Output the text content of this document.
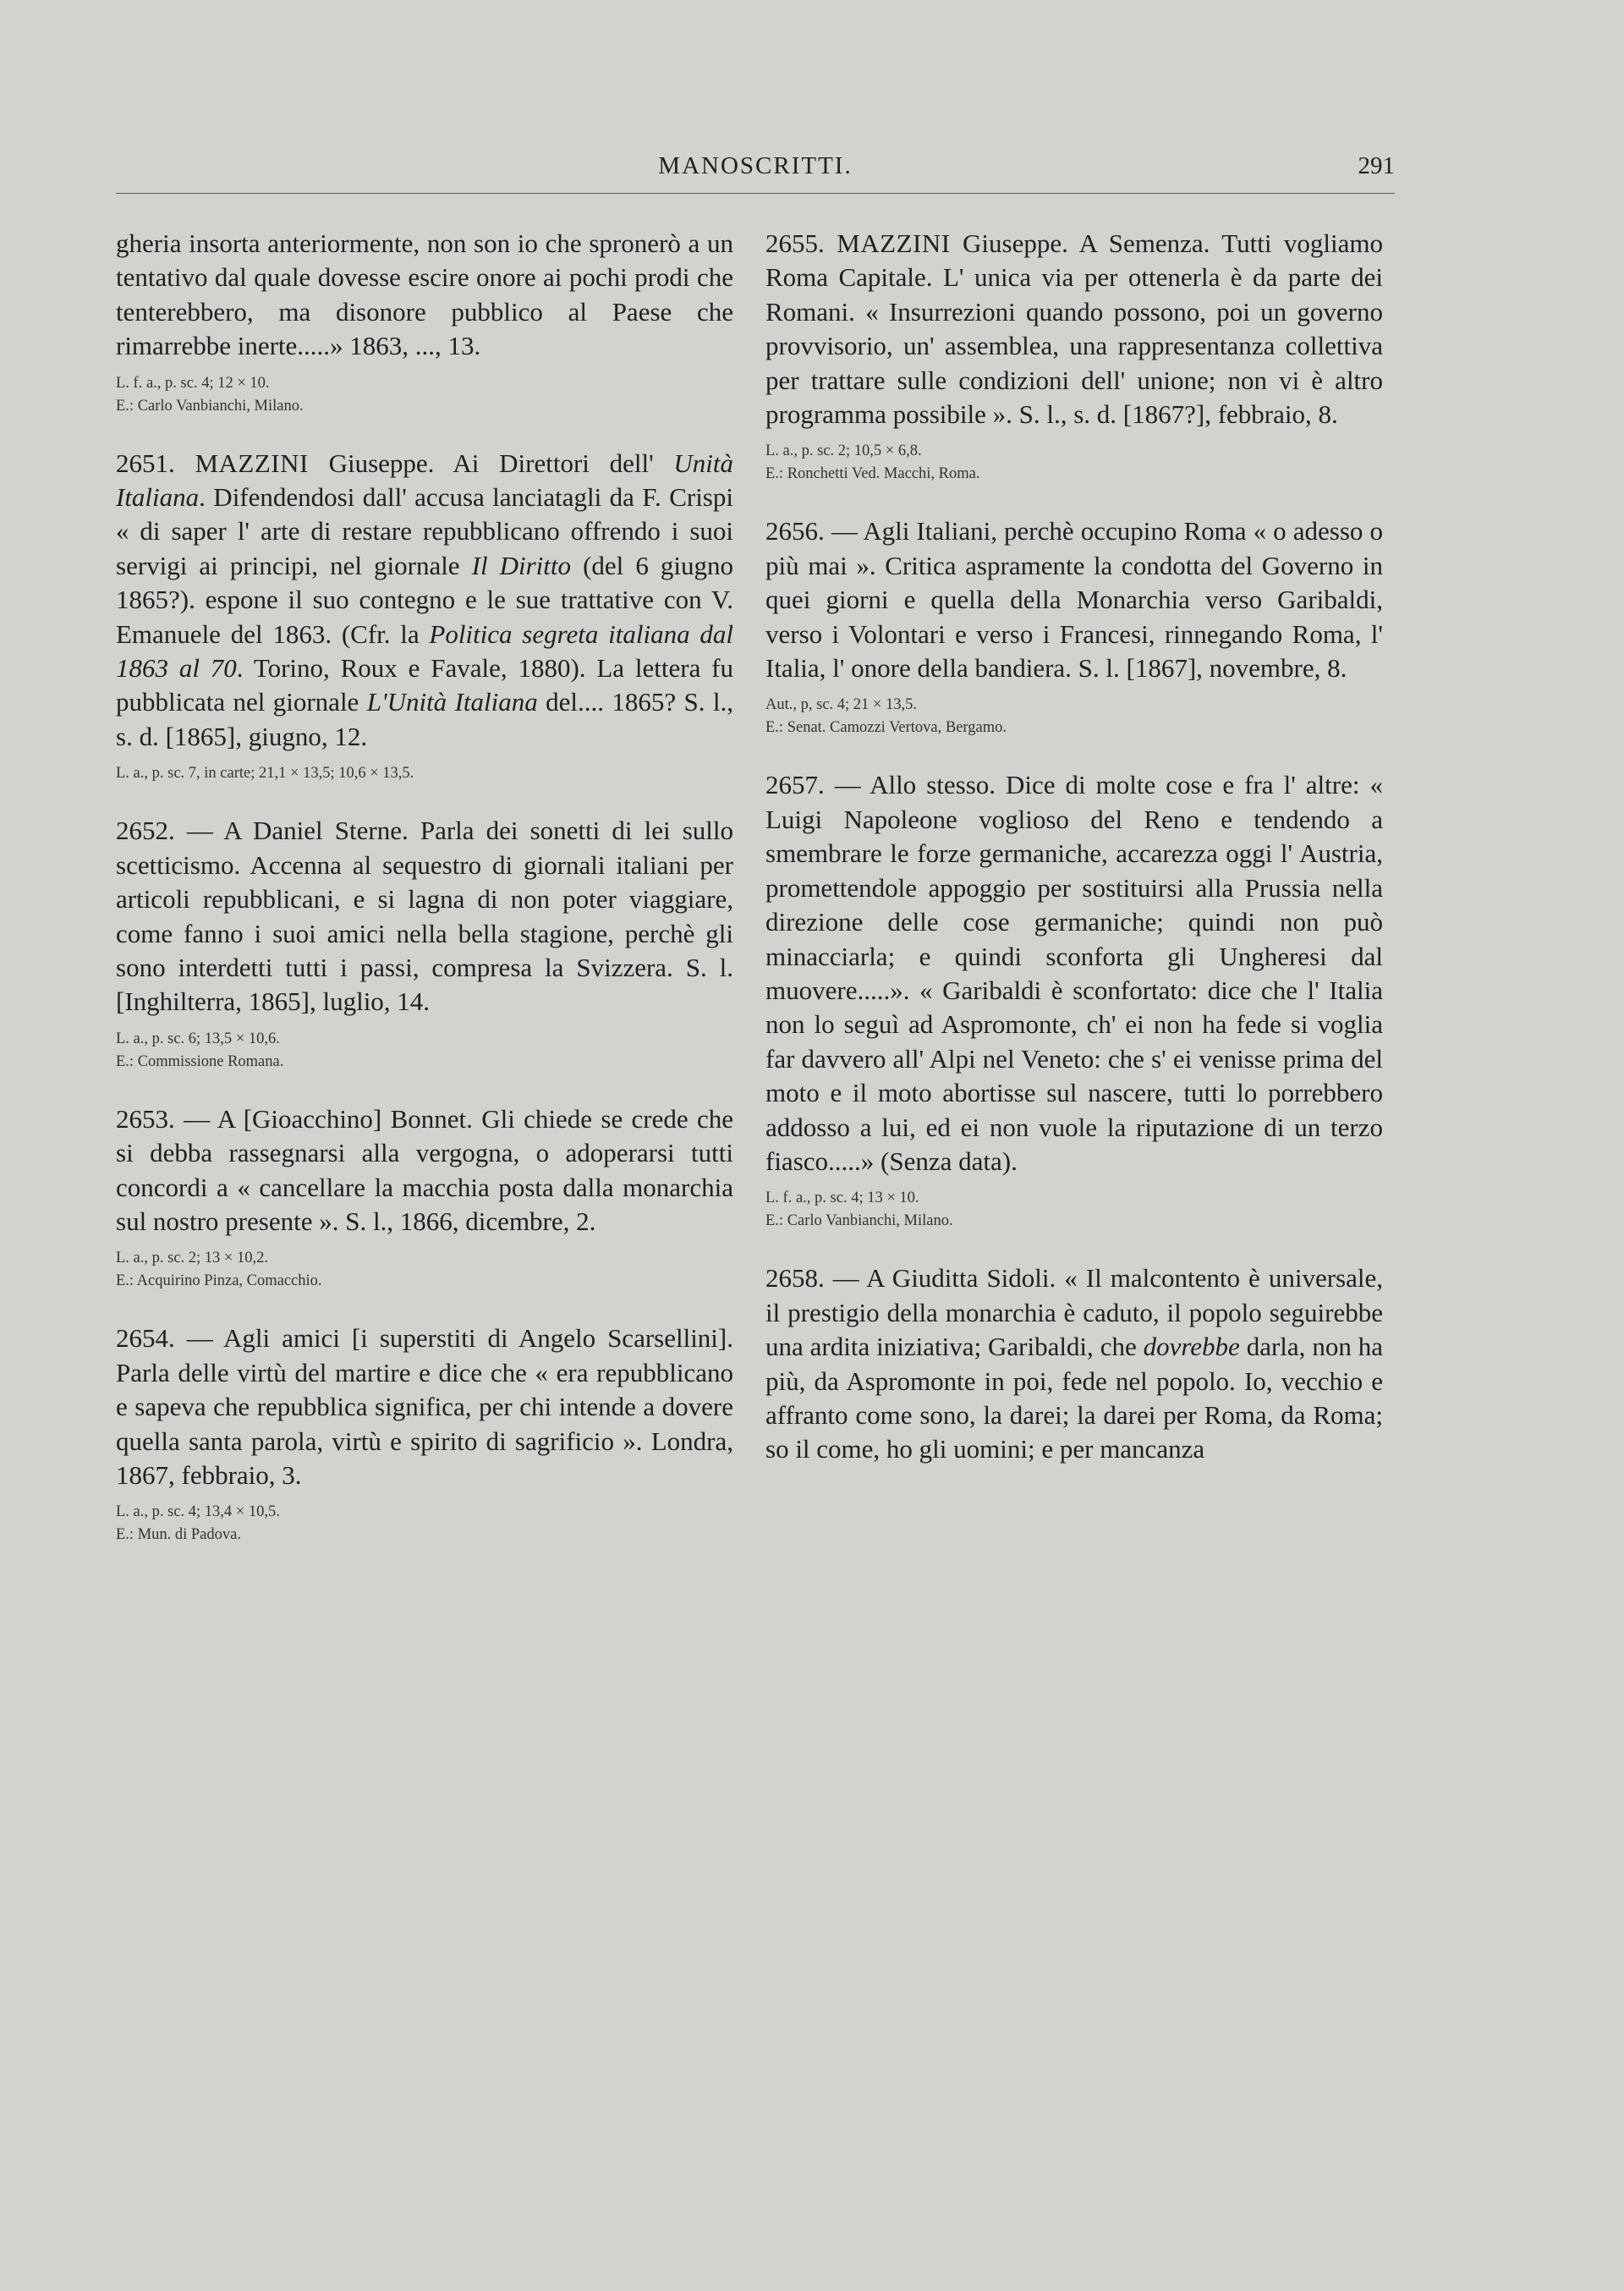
MANOSCRITTI.	291

gheria insorta anteriormente, non son io che spronerò a un tentativo dal quale dovesse escire onore ai pochi prodi che tenterebbero, ma disonore pubblico al Paese che rimarrebbe inerte.....» 1863, ..., 13.

L. f. a., p. sc. 4; 12 × 10.
E.: Carlo Vanbianchi, Milano.

2651. MAZZINI Giuseppe. Ai Direttori dell' Unità Italiana. Difendendosi dall' accusa lanciatagli da F. Crispi « di saper l' arte di restare repubblicano offrendo i suoi servigi ai principi, nel giornale Il Diritto (del 6 giugno 1865?). espone il suo contegno e le sue trattative con V. Emanuele del 1863. (Cfr. la Politica segreta italiana dal 1863 al 70. Torino, Roux e Favale, 1880). La lettera fu pubblicata nel giornale L'Unità Italiana del.... 1865? S. l., s. d. [1865], giugno, 12.

L. a., p. sc. 7, in carte; 21,1 × 13,5; 10,6 × 13,5.

2652. — A Daniel Sterne. Parla dei sonetti di lei sullo scetticismo. Accenna al sequestro di giornali italiani per articoli repubblicani, e si lagna di non poter viaggiare, come fanno i suoi amici nella bella stagione, perchè gli sono interdetti tutti i passi, compresa la Svizzera. S. l. [Inghilterra, 1865], luglio, 14.

L. a., p. sc. 6; 13,5 × 10,6.
E.: Commissione Romana.

2653. — A [Gioacchino] Bonnet. Gli chiede se crede che si debba rassegnarsi alla vergogna, o adoperarsi tutti concordi a « cancellare la macchia posta dalla monarchia sul nostro presente ». S. l., 1866, dicembre, 2.

L. a., p. sc. 2; 13 × 10,2.
E.: Acquirino Pinza, Comacchio.

2654. — Agli amici [i superstiti di Angelo Scarsellini]. Parla delle virtù del martire e dice che « era repubblicano e sapeva che repubblica significa, per chi intende a dovere quella santa parola, virtù e spirito di sagrificio ». Londra, 1867, febbraio, 3.

L. a., p. sc. 4; 13,4 × 10,5.
E.: Mun. di Padova.

2655. MAZZINI Giuseppe. A Semenza. Tutti vogliamo Roma Capitale. L' unica via per ottenerla è da parte dei Romani. « Insurrezioni quando possono, poi un governo provvisorio, un' assemblea, una rappresentanza collettiva per trattare sulle condizioni dell' unione; non vi è altro programma possibile ». S. l., s. d. [1867?], febbraio, 8.

L. a., p. sc. 2; 10,5 × 6,8.
E.: Ronchetti Ved. Macchi, Roma.

2656. — Agli Italiani, perchè occupino Roma « o adesso o più mai ». Critica aspramente la condotta del Governo in quei giorni e quella della Monarchia verso Garibaldi, verso i Volontari e verso i Francesi, rinnegando Roma, l' Italia, l' onore della bandiera. S. l. [1867], novembre, 8.

Aut., p, sc. 4; 21 × 13,5.
E.: Senat. Camozzi Vertova, Bergamo.

2657. — Allo stesso. Dice di molte cose e fra l' altre: « Luigi Napoleone voglioso del Reno e tendendo a smembrare le forze germaniche, accarezza oggi l' Austria, promettendole appoggio per sostituirsi alla Prussia nella direzione delle cose germaniche; quindi non può minacciarla; e quindi sconforta gli Ungheresi dal muovere.....». « Garibaldi è sconfortato: dice che l' Italia non lo seguì ad Aspromonte, ch' ei non ha fede si voglia far davvero all' Alpi nel Veneto: che s' ei venisse prima del moto e il moto abortisse sul nascere, tutti lo porrebbero addosso a lui, ed ei non vuole la riputazione di un terzo fiasco.....» (Senza data).

L. f. a., p. sc. 4; 13 × 10.
E.: Carlo Vanbianchi, Milano.

2658. — A Giuditta Sidoli. « Il malcontento è universale, il prestigio della monarchia è caduto, il popolo seguirebbe una ardita iniziativa; Garibaldi, che dovrebbe darla, non ha più, da Aspromonte in poi, fede nel popolo. Io, vecchio e affranto come sono, la darei; la darei per Roma, da Roma; so il come, ho gli uomini; e per mancanza
